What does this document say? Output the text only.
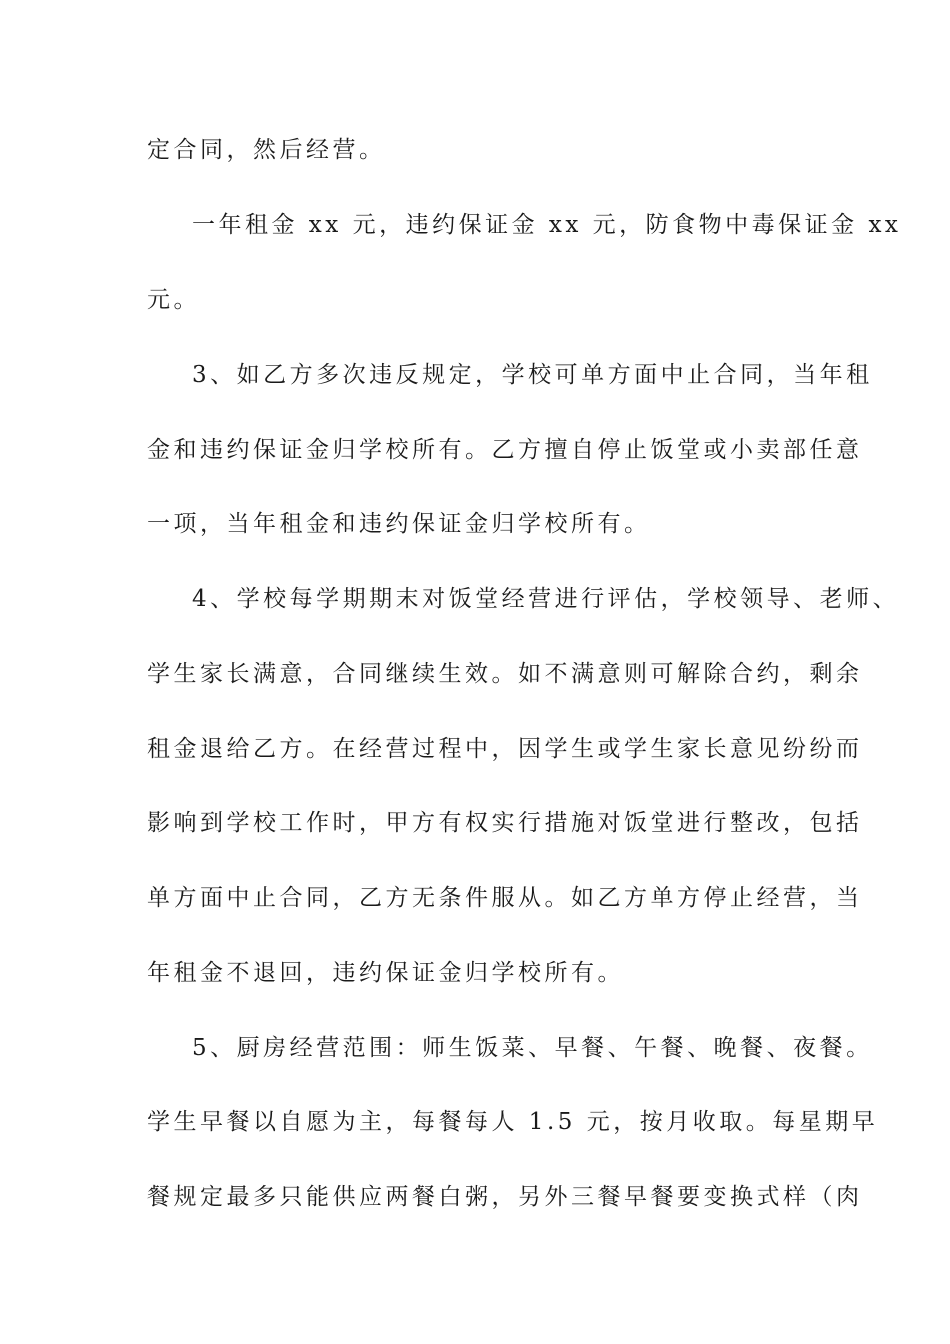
定合同，然后经营。
一年租金 xx 元，违约保证金 xx 元，防食物中毒保证金 xx
元。
3、如乙方多次违反规定，学校可单方面中止合同，当年租
金和违约保证金归学校所有。乙方擅自停止饭堂或小卖部任意
一项，当年租金和违约保证金归学校所有。
4、学校每学期期末对饭堂经营进行评估，学校领导、老师、
学生家长满意，合同继续生效。如不满意则可解除合约，剩余
租金退给乙方。在经营过程中，因学生或学生家长意见纷纷而
影响到学校工作时，甲方有权实行措施对饭堂进行整改，包括
单方面中止合同，乙方无条件服从。如乙方单方停止经营，当
年租金不退回，违约保证金归学校所有。
5、厨房经营范围：师生饭菜、早餐、午餐、晚餐、夜餐。
学生早餐以自愿为主，每餐每人 1.5 元，按月收取。每星期早
餐规定最多只能供应两餐白粥，另外三餐早餐要变换式样（肉
